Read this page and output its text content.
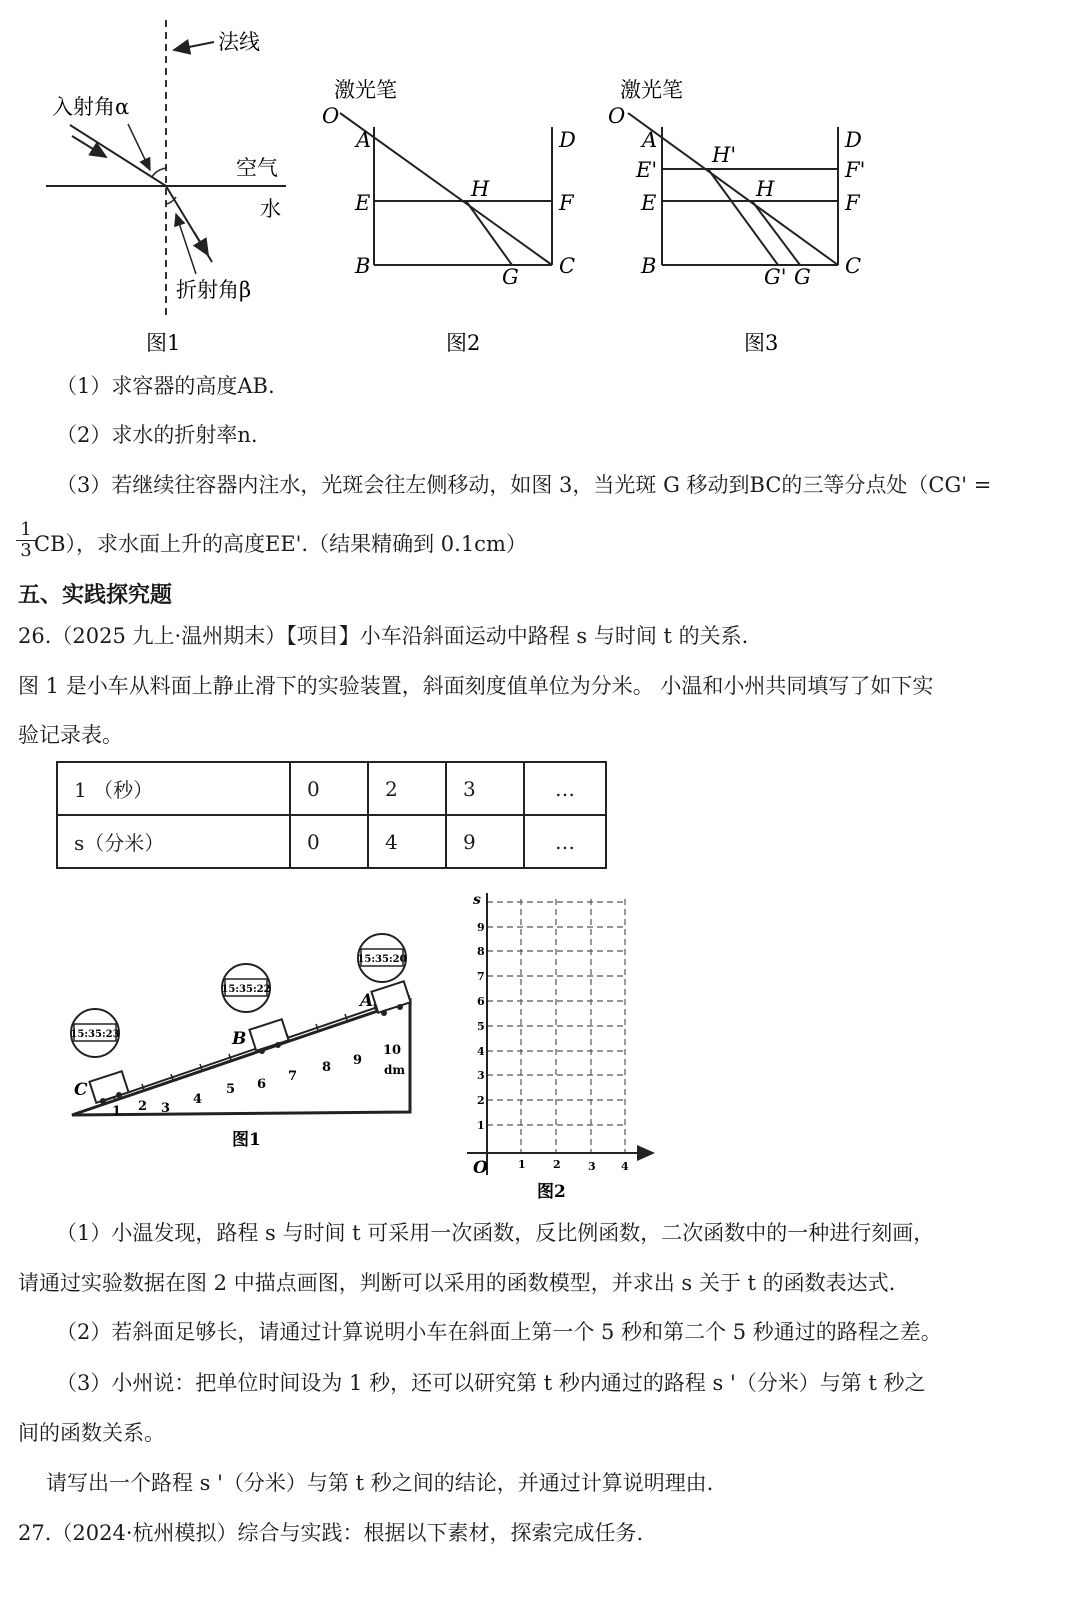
法线
入射角α
空气
水
折射角β
图1
激光笔
O
A	D
E
H
F
B	G C
图2
激光笔
O
A	D
E'
H'
F'
E
H
F
B	G' G C
图3
（1）求容器的高度AB.
（2）求水的折射率n.
（3）若继续往容器内注水，光斑会往左侧移动，如图 3，当光斑 G 移动到BC的三等分点处（CG' =
$\frac{1}{3}$
CB），求水面上升的高度EE'.（结果精确到 0.1cm）
五、实践探究题
26.（2025 九上·温州期末）【项目】小车沿斜面运动中路程 s 与时间 t 的关系.
图 1 是小车从料面上静止滑下的实验装置，斜面刻度值单位为分米。 小温和小州共同填写了如下实
验记录表。
1 （秒）	0	2	3	…
s（分米）	0	4	9	…
1 2 3
4
5 6
7
8 9
10
dm
C
15:35:23	B
15:35:22
A
15:35:20
图1
s
1
2
3
4
5
6
7
8
9
1 2 3 4
O
图2
（1）小温发现，路程 s 与时间 t 可采用一次函数，反比例函数，二次函数中的一种进行刻画，
请通过实验数据在图 2 中描点画图，判断可以采用的函数模型，并求出 s 关于 t 的函数表达式.
（2）若斜面足够长，请通过计算说明小车在斜面上第一个 5 秒和第二个 5 秒通过的路程之差。
（3）小州说：把单位时间设为 1 秒，还可以研究第 t 秒内通过的路程 s '（分米）与第 t 秒之
间的函数关系。
请写出一个路程 s '（分米）与第 t 秒之间的结论，并通过计算说明理由.
27.（2024·杭州模拟）综合与实践：根据以下素材，探索完成任务.
